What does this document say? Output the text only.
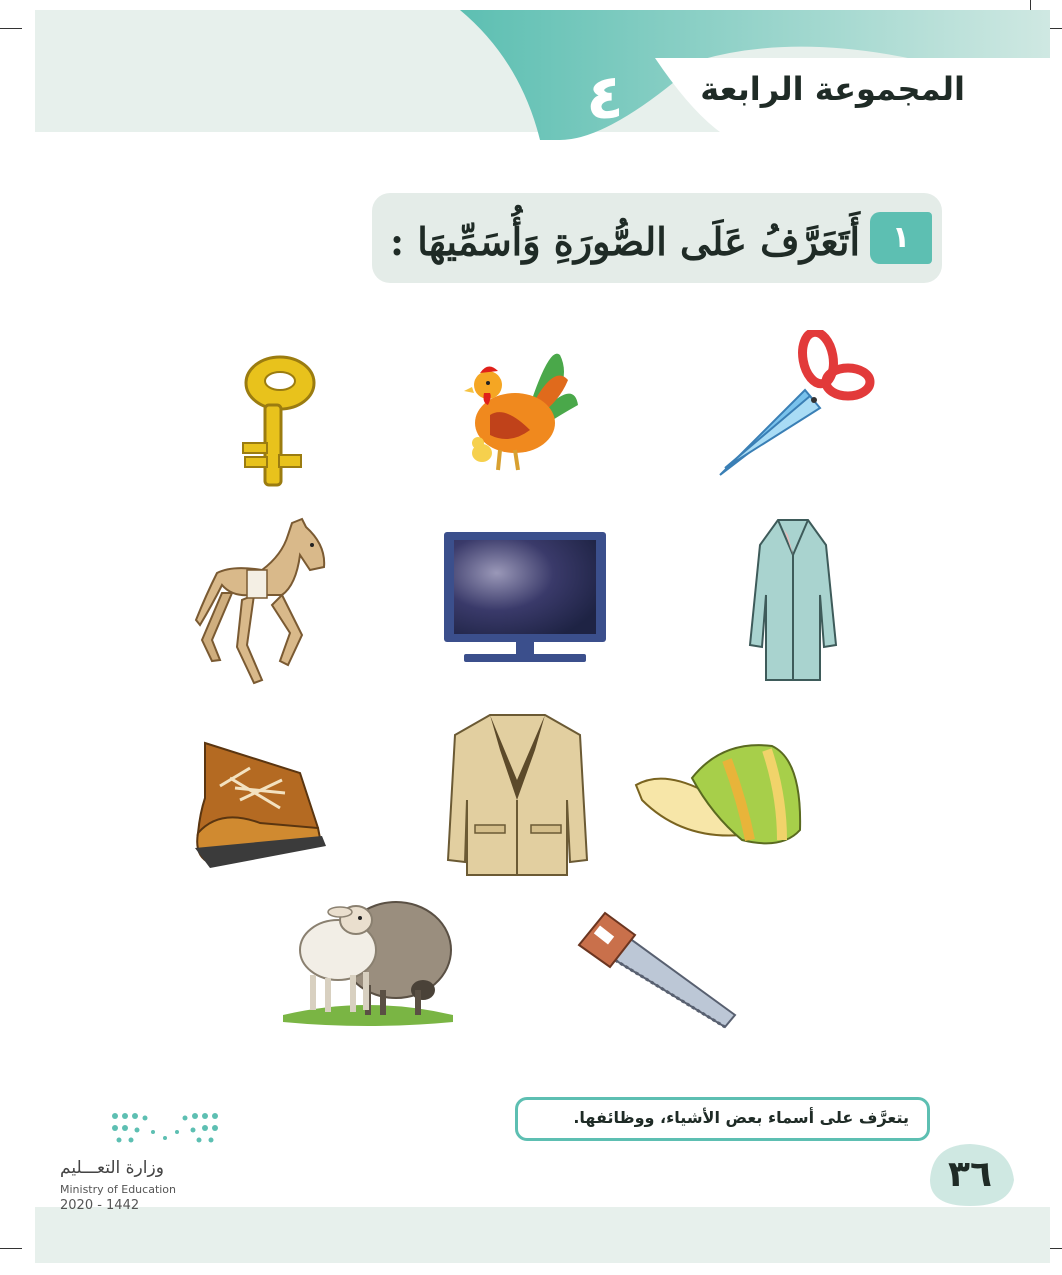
المجموعة الرابعة
٤
أَتَعَرَّفُ عَلَى الصُّورَةِ وَأُسَمِّيهَا :	١
يتعرَّف على أسماء بعض الأشياء، ووظائفها.
٣٦
وزارة التعـــليم
Ministry of Education
2020 - 1442
